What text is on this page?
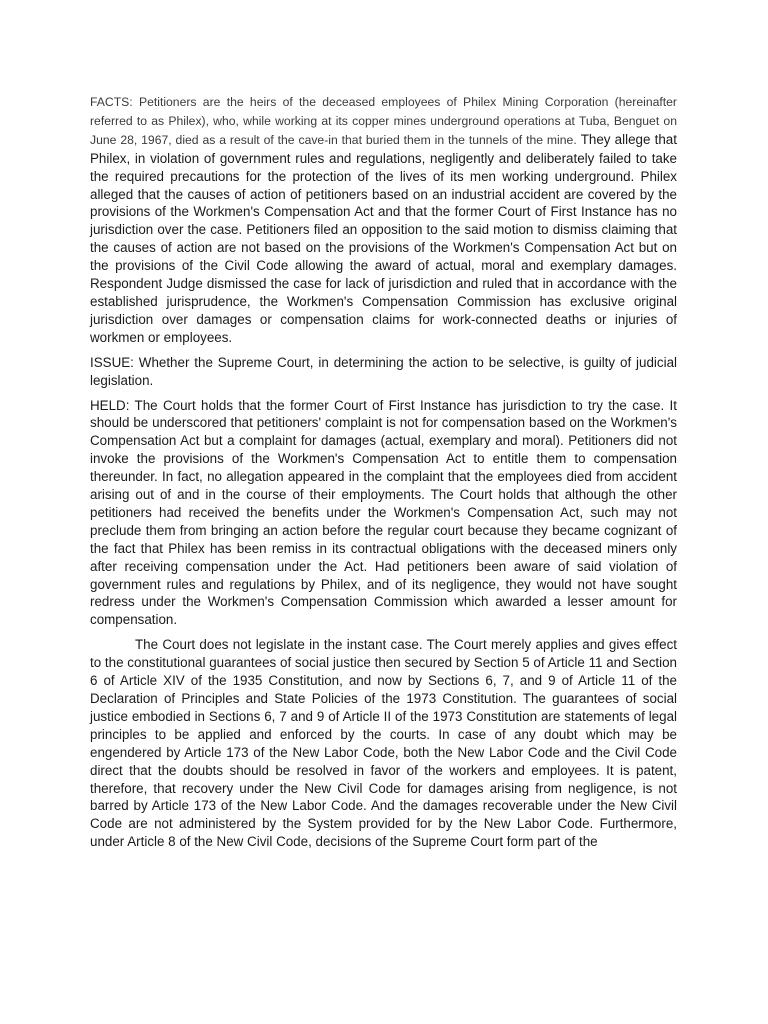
FACTS: Petitioners are the heirs of the deceased employees of Philex Mining Corporation (hereinafter referred to as Philex), who, while working at its copper mines underground operations at Tuba, Benguet on June 28, 1967, died as a result of the cave-in that buried them in the tunnels of the mine. They allege that Philex, in violation of government rules and regulations, negligently and deliberately failed to take the required precautions for the protection of the lives of its men working underground. Philex alleged that the causes of action of petitioners based on an industrial accident are covered by the provisions of the Workmen's Compensation Act and that the former Court of First Instance has no jurisdiction over the case. Petitioners filed an opposition to the said motion to dismiss claiming that the causes of action are not based on the provisions of the Workmen's Compensation Act but on the provisions of the Civil Code allowing the award of actual, moral and exemplary damages. Respondent Judge dismissed the case for lack of jurisdiction and ruled that in accordance with the established jurisprudence, the Workmen's Compensation Commission has exclusive original jurisdiction over damages or compensation claims for work-connected deaths or injuries of workmen or employees.

ISSUE: Whether the Supreme Court, in determining the action to be selective, is guilty of judicial legislation.

HELD: The Court holds that the former Court of First Instance has jurisdiction to try the case. It should be underscored that petitioners' complaint is not for compensation based on the Workmen's Compensation Act but a complaint for damages (actual, exemplary and moral). Petitioners did not invoke the provisions of the Workmen's Compensation Act to entitle them to compensation thereunder. In fact, no allegation appeared in the complaint that the employees died from accident arising out of and in the course of their employments. The Court holds that although the other petitioners had received the benefits under the Workmen's Compensation Act, such may not preclude them from bringing an action before the regular court because they became cognizant of the fact that Philex has been remiss in its contractual obligations with the deceased miners only after receiving compensation under the Act. Had petitioners been aware of said violation of government rules and regulations by Philex, and of its negligence, they would not have sought redress under the Workmen's Compensation Commission which awarded a lesser amount for compensation.

The Court does not legislate in the instant case. The Court merely applies and gives effect to the constitutional guarantees of social justice then secured by Section 5 of Article 11 and Section 6 of Article XIV of the 1935 Constitution, and now by Sections 6, 7, and 9 of Article 11 of the Declaration of Principles and State Policies of the 1973 Constitution. The guarantees of social justice embodied in Sections 6, 7 and 9 of Article II of the 1973 Constitution are statements of legal principles to be applied and enforced by the courts. In case of any doubt which may be engendered by Article 173 of the New Labor Code, both the New Labor Code and the Civil Code direct that the doubts should be resolved in favor of the workers and employees. It is patent, therefore, that recovery under the New Civil Code for damages arising from negligence, is not barred by Article 173 of the New Labor Code. And the damages recoverable under the New Civil Code are not administered by the System provided for by the New Labor Code. Furthermore, under Article 8 of the New Civil Code, decisions of the Supreme Court form part of the
